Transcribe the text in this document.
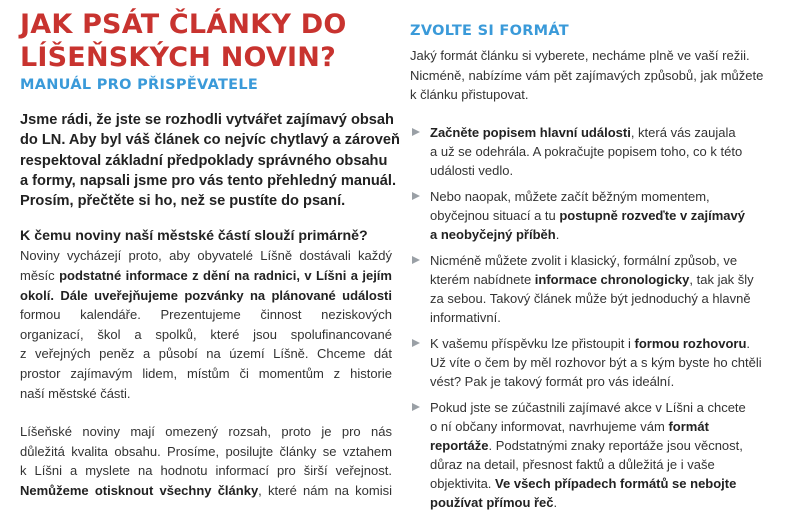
JAK PSÁT ČLÁNKY DO
LÍŠEŇSKÝCH NOVIN?
MANUÁL PRO PŘISPĚVATELE

Jsme rádi, že jste se rozhodli vytvářet zajímavý obsah
do LN. Aby byl váš článek co nejvíc chytlavý a zároveň
respektoval základní předpoklady správného obsahu
a formy, napsali jsme pro vás tento přehledný manuál.
Prosím, přečtěte si ho, než se pustíte do psaní.

K čemu noviny naší městské částí slouží primárně?

Noviny vycházejí proto, aby obyvatelé Líšně dostávali každý
měsíc podstatné informace z dění na radnici, v Líšni a jejím
okolí. Dále uveřejňujeme pozvánky na plánované události
formou kalendáře. Prezentujeme činnost neziskových
organizací, škol a spolků, které jsou spolufinancované
z veřejných peněz a působí na území Líšně. Chceme dát
prostor zajímavým lidem, místům či momentům z historie
naší městské části.

Líšeňské noviny mají omezený rozsah, proto je pro nás
důležitá kvalita obsahu. Prosíme, posilujte články se vztahem
k Líšni a myslete na hodnotu informací pro širší veřejnost.
Nemůžeme otisknout všechny články, které nám na komisi

ZVOLTE SI FORMÁT

Jaký formát článku si vyberete, necháme plně ve vaší režii.
Nicméně, nabízíme vám pět zajímavých způsobů, jak můžete
k článku přistupovat.

Začněte popisem hlavní události, která vás zaujala
a už se odehrála. A pokračujte popisem toho, co k této
události vedlo.
Nebo naopak, můžete začít běžným momentem,
obyčejnou situací a tu postupně rozveďte v zajímavý
a neobyčejný příběh.
Nicméně můžete zvolit i klasický, formální způsob, ve
kterém nabídnete informace chronologicky, tak jak šly
za sebou. Takový článek může být jednoduchý a hlavně
informativní.
K vašemu příspěvku lze přistoupit i formou rozhovoru.
Už víte o čem by měl rozhovor být a s kým byste ho chtěli
vést? Pak je takový formát pro vás ideální.
Pokud jste se zúčastnili zajímavé akce v Líšni a chcete
o ní občany informovat, navrhujeme vám formát
reportáže. Podstatnými znaky reportáže jsou věcnost,
důraz na detail, přesnost faktů a důležitá je i vaše
objektivita. Ve všech případech formátů se nebojte
používat přímou řeč.
